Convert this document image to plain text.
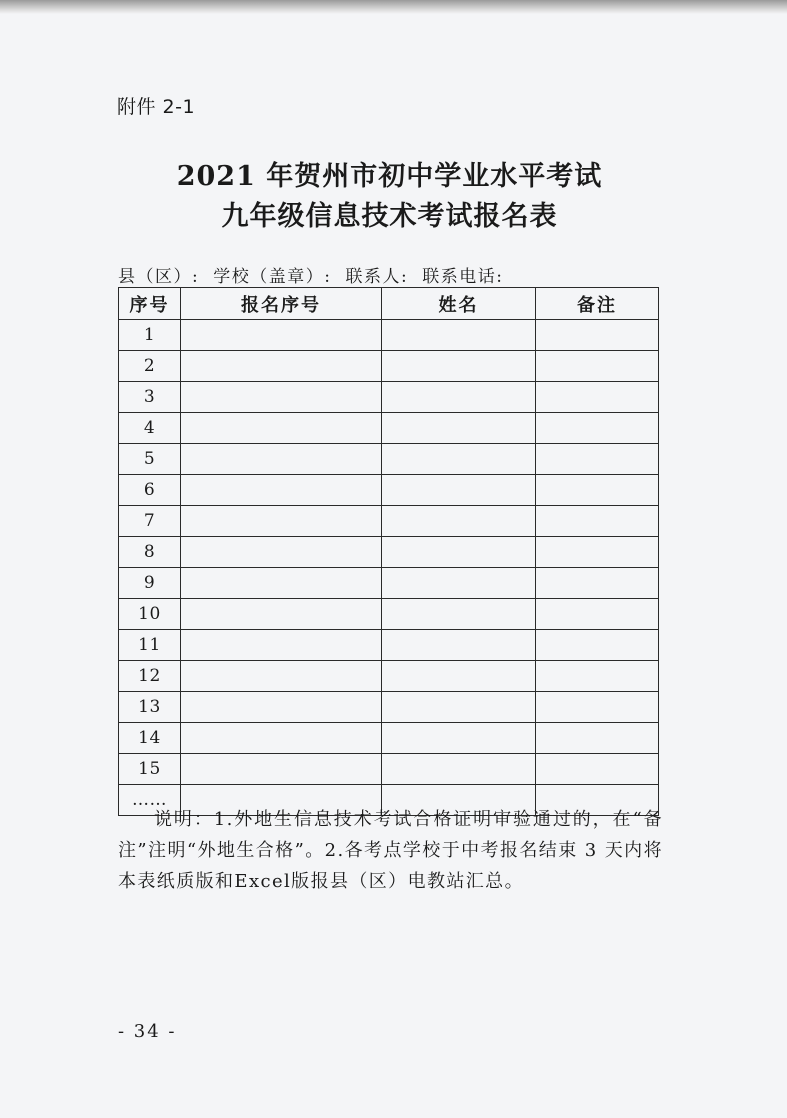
附件 2-1
2021 年贺州市初中学业水平考试
九年级信息技术考试报名表
县（区）: 学校（盖章）: 联系人: 联系电话:
序号	报名序号	姓名	备注
1			
2			
3			
4			
5			
6			
7			
8			
9			
10			
11			
12			
13			
14			
15			
……			

说明：1.外地生信息技术考试合格证明审验通过的，在“备注”注明“外地生合格”。2.各考点学校于中考报名结束 3 天内将本表纸质版和Excel版报县（区）电教站汇总。

- 34 -
